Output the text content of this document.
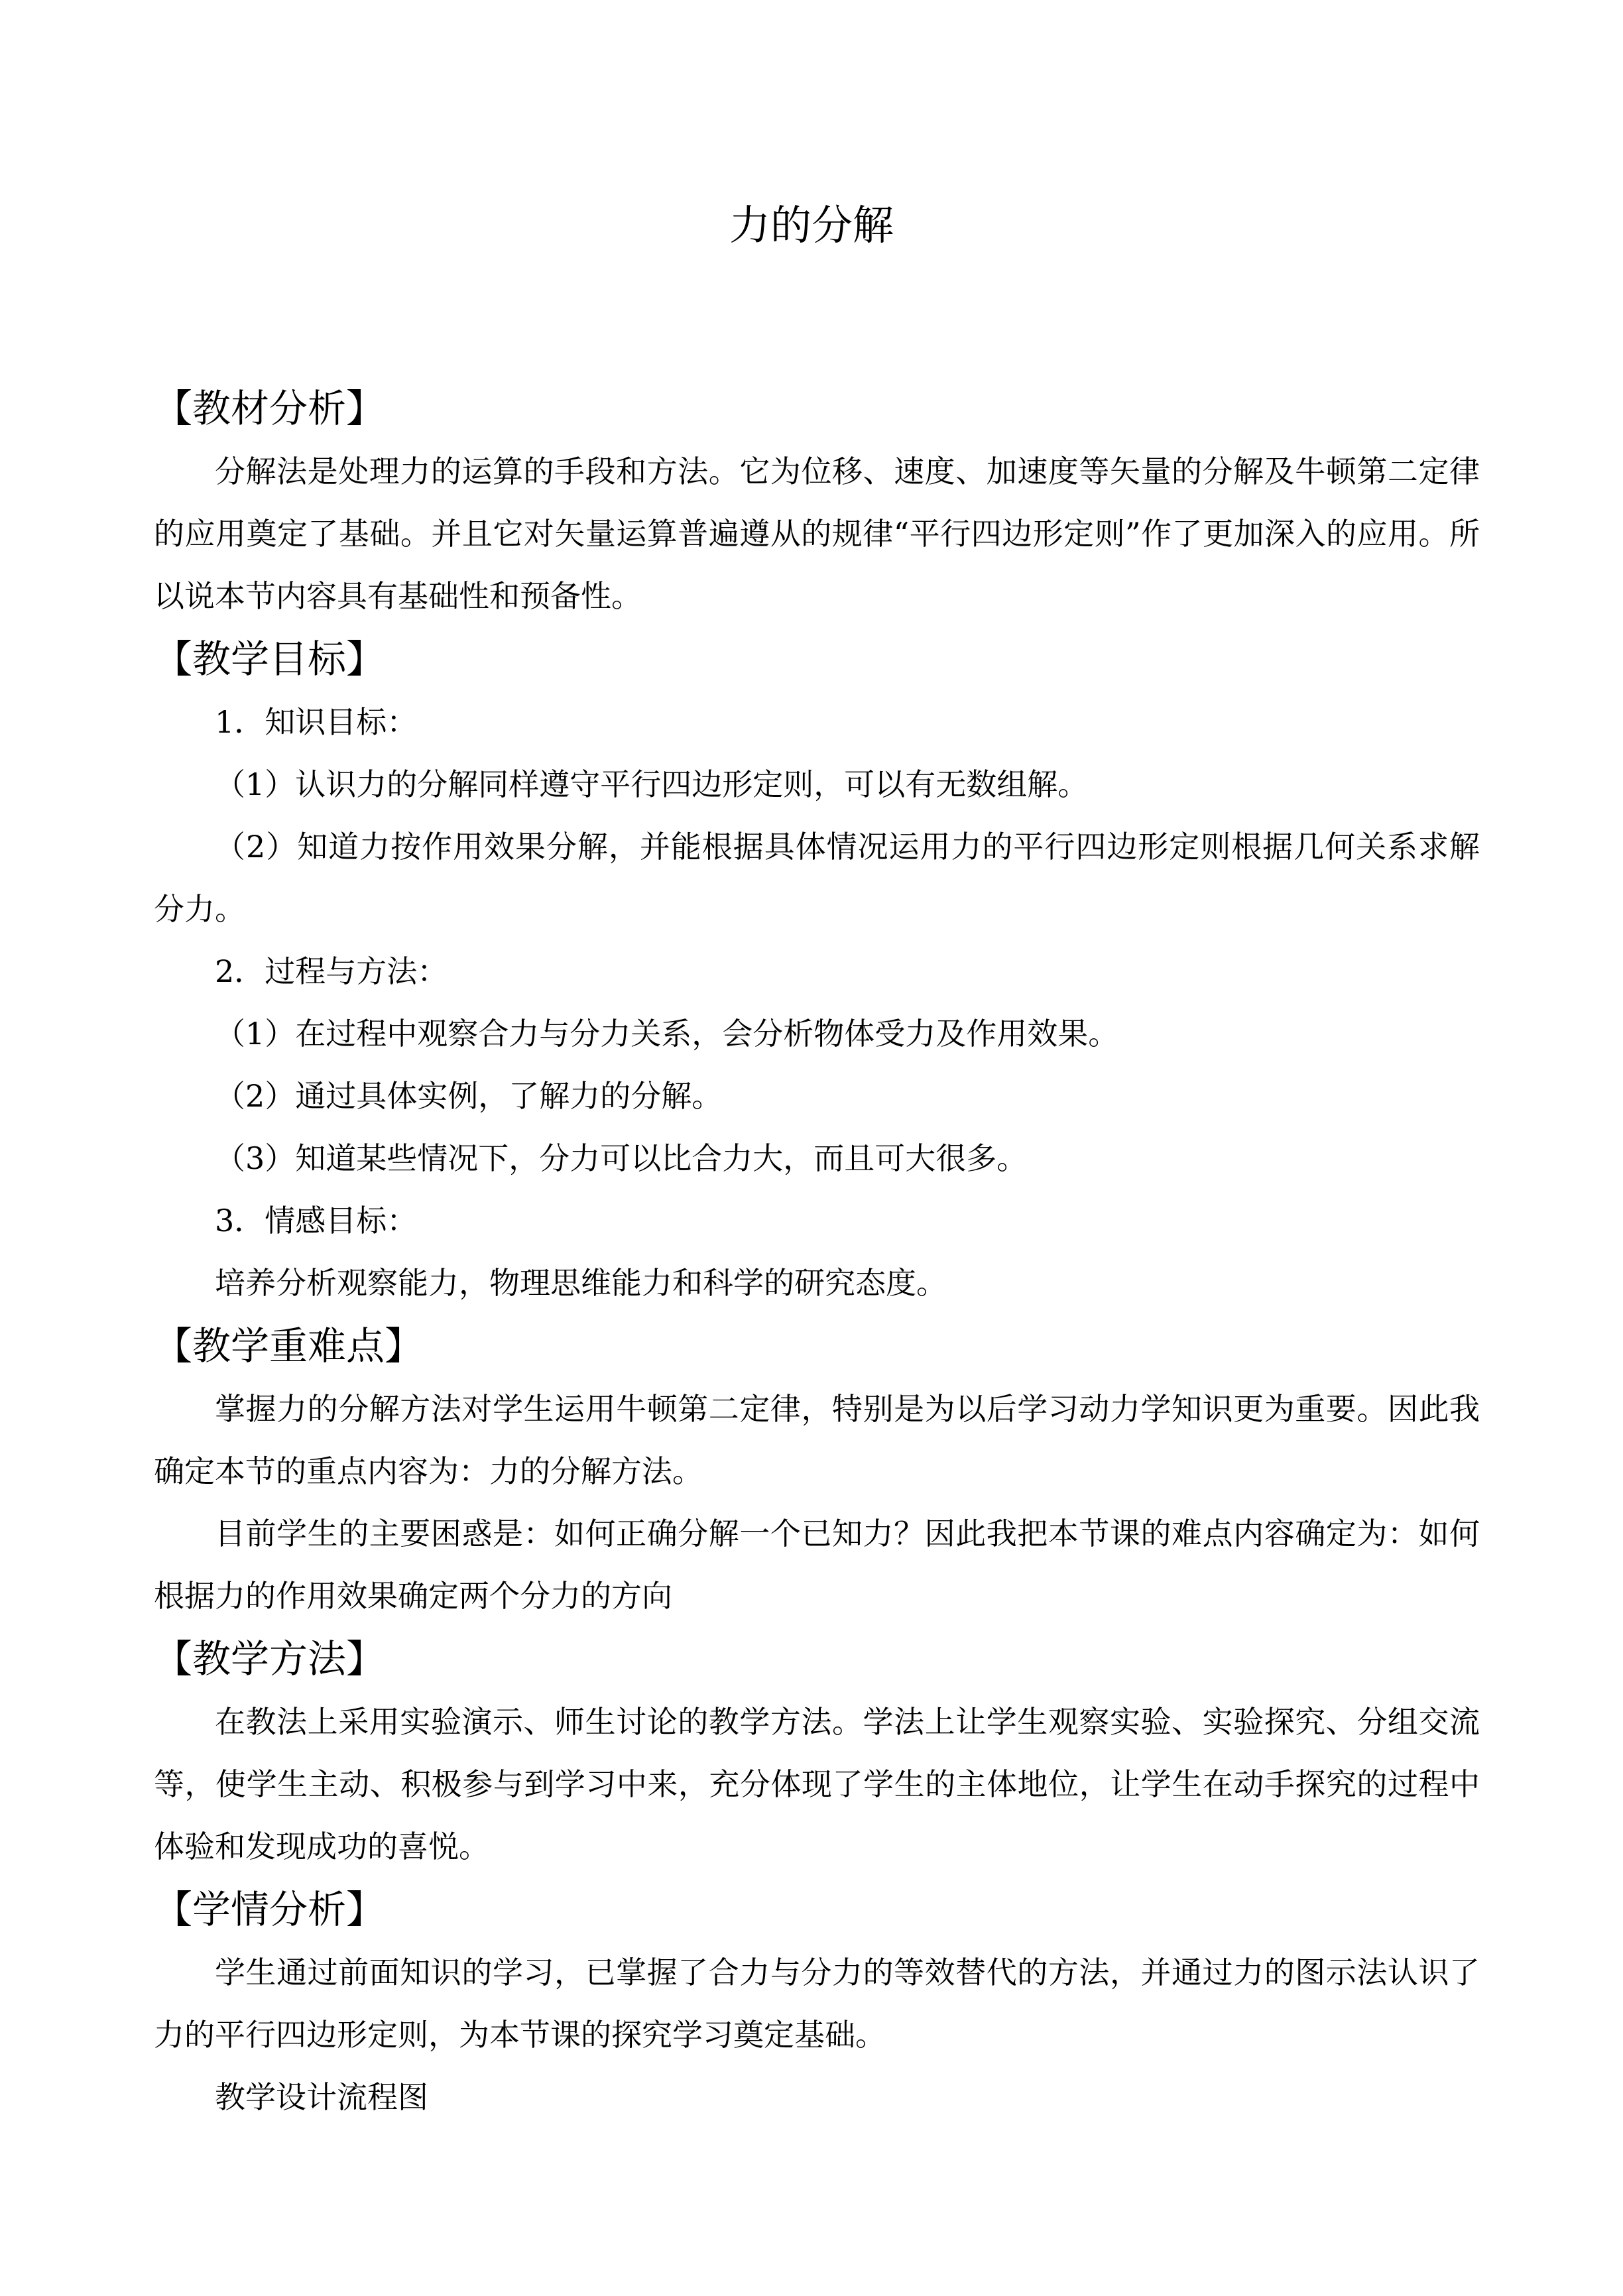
力的分解
【教材分析】

分解法是处理力的运算的手段和方法。它为位移、速度、加速度等矢量的分解及牛顿第二定律的应用奠定了基础。并且它对矢量运算普遍遵从的规律“平行四边形定则”作了更加深入的应用。所以说本节内容具有基础性和预备性。

【教学目标】
1．知识目标：
（1）认识力的分解同样遵守平行四边形定则，可以有无数组解。

（2）知道力按作用效果分解，并能根据具体情况运用力的平行四边形定则根据几何关系求解分力。

2．过程与方法：
（1）在过程中观察合力与分力关系，会分析物体受力及作用效果。
（2）通过具体实例，了解力的分解。
（3）知道某些情况下，分力可以比合力大，而且可大很多。
3．情感目标：
培养分析观察能力，物理思维能力和科学的研究态度。
【教学重难点】

掌握力的分解方法对学生运用牛顿第二定律，特别是为以后学习动力学知识更为重要。因此我确定本节的重点内容为：力的分解方法。

目前学生的主要困惑是：如何正确分解一个已知力？因此我把本节课的难点内容确定为：如何根据力的作用效果确定两个分力的方向

【教学方法】

在教法上采用实验演示、师生讨论的教学方法。学法上让学生观察实验、实验探究、分组交流等，使学生主动、积极参与到学习中来，充分体现了学生的主体地位，让学生在动手探究的过程中体验和发现成功的喜悦。

【学情分析】

学生通过前面知识的学习，已掌握了合力与分力的等效替代的方法，并通过力的图示法认识了力的平行四边形定则，为本节课的探究学习奠定基础。

教学设计流程图
